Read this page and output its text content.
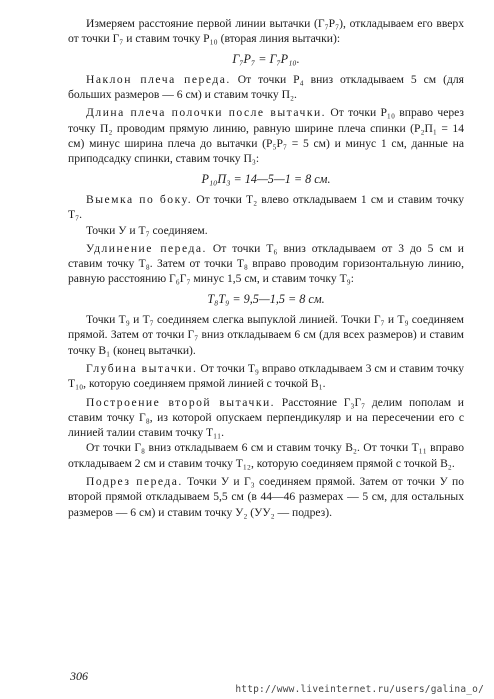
Измеряем расстояние первой линии вытачки (Г₇P₇), откладываем его вверх от точки Г₇ и ставим точку P₁₀ (вторая линия вытачки):

Г₇P₇ = Г₇P₁₀.

Наклон плеча переда. От точки P₄ вниз откладываем 5 см (для больших размеров — 6 см) и ставим точку П₂.

Длина плеча полочки после вытачки. От точки P₁₀ вправо через точку П₂ проводим прямую линию, равную ширине плеча спинки (P₂П₁ = 14 см) минус ширина плеча до вытачки (P₅P₇ = 5 см) и минус 1 см, данные на приподсадку спинки, ставим точку П₃:

P₁₀П₃ = 14—5—1 = 8 см.

Выемка по боку. От точки T₂ влево откладываем 1 см и ставим точку T₇.

Точки У и T₇ соединяем.

Удлинение переда. От точки T₆ вниз откладываем от 3 до 5 см и ставим точку T₈. Затем от точки T₈ вправо проводим горизонтальную линию, равную расстоянию Г₆Г₇ минус 1,5 см, и ставим точку T₉:

T₈T₉ = 9,5—1,5 = 8 см.

Точки T₉ и T₇ соединяем слегка выпуклой линией. Точки Г₇ и T₉ соединяем прямой. Затем от точки Г₇ вниз откладываем 6 см (для всех размеров) и ставим точку B₁ (конец вытачки).

Глубина вытачки. От точки T₉ вправо откладываем 3 см и ставим точку T₁₀, которую соединяем прямой линией с точкой B₁.

Построение второй вытачки. Расстояние Г₃Г₇ делим пополам и ставим точку Г₈, из которой опускаем перпендикуляр и на пересечении его с линией талии ставим точку T₁₁.

От точки Г₈ вниз откладываем 6 см и ставим точку B₂. От точки T₁₁ вправо откладываем 2 см и ставим точку T₁₂, которую соединяем прямой с точкой B₂.

Подрез переда. Точки У и Г₃ соединяем прямой. Затем от точки У по второй прямой откладываем 5,5 см (в 44—46 размерах — 5 см, для остальных размеров — 6 см) и ставим точку У₂ (УУ₂ — подрез).

306
http://www.liveinternet.ru/users/galina_o/
